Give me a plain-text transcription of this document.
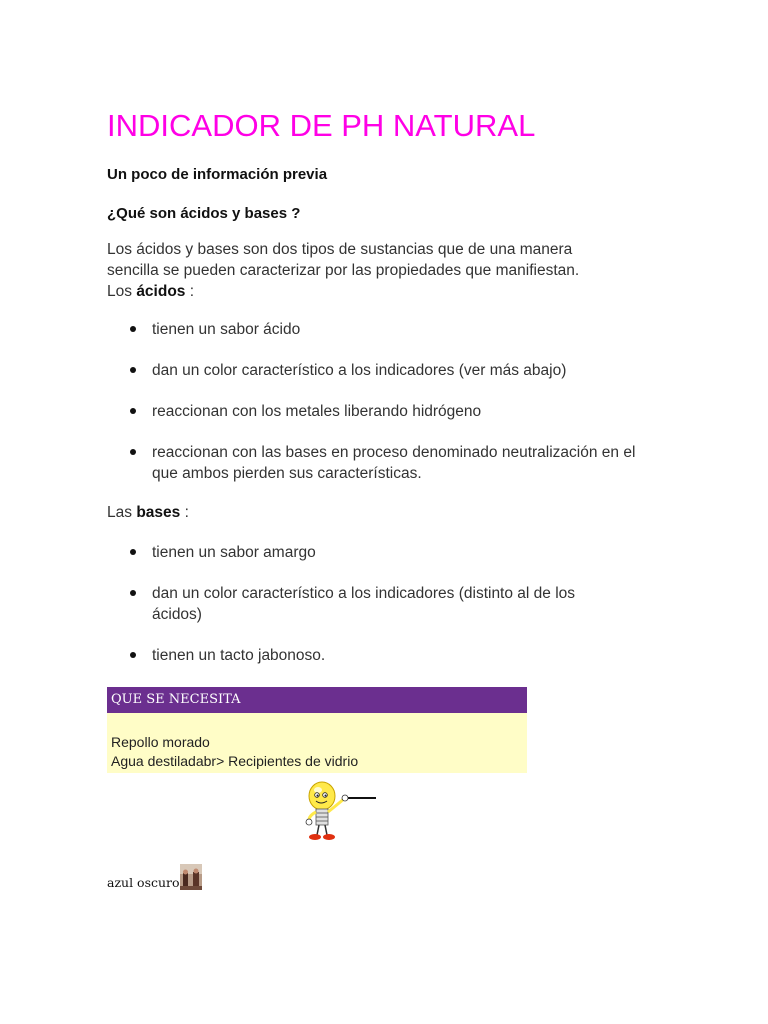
INDICADOR DE PH NATURAL

Un poco de información previa

¿Qué son ácidos y bases ?

Los ácidos y bases son dos tipos de sustancias que de una manera
sencilla se pueden caracterizar por las propiedades que manifiestan.
Los ácidos :

tienen un sabor ácido
dan un color característico a los indicadores (ver más abajo)
reaccionan con los metales liberando hidrógeno
reaccionan con las bases en proceso denominado neutralización en el que ambos pierden sus características.

Las bases :

tienen un sabor amargo
dan un color característico a los indicadores (distinto al de los ácidos)
tienen un tacto jabonoso.
QUE SE NECESITA
Repollo morado
Agua destiladabr> Recipientes de vidrio
azul oscuro
